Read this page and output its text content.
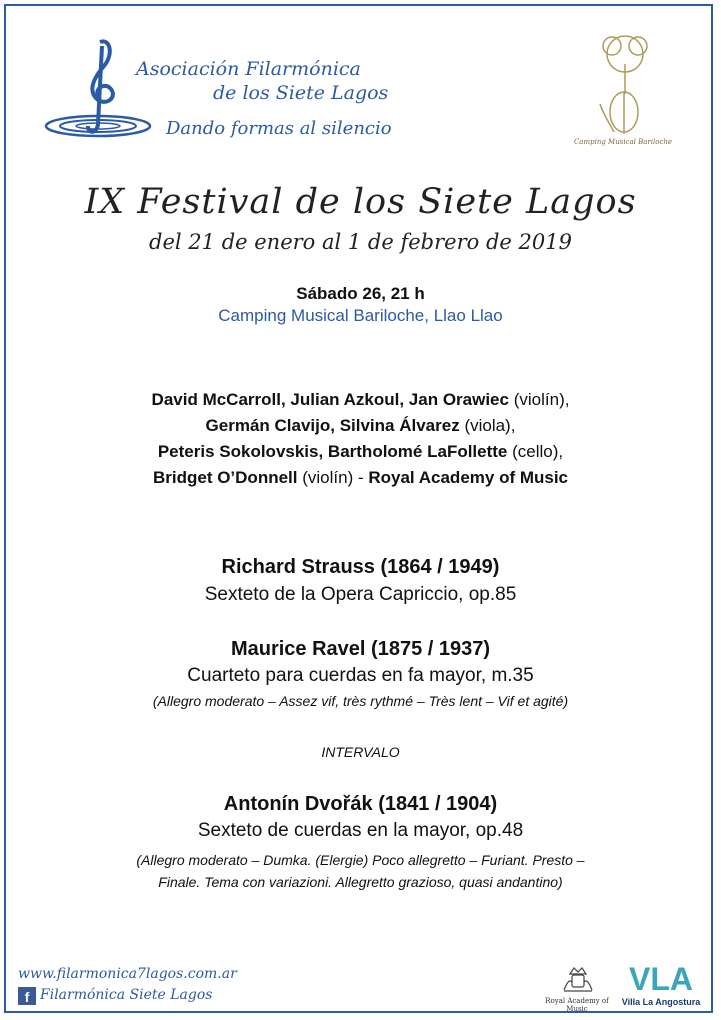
Asociación Filarmónica
de los Siete Lagos
Dando formas al silencio
Camping Musical Bariloche
IX Festival de los Siete Lagos
del 21 de enero al 1 de febrero de 2019
Sábado 26, 21 h
Camping Musical Bariloche, Llao Llao
David McCarroll, Julian Azkoul, Jan Orawiec (violín),
Germán Clavijo, Silvina Álvarez (viola),
Peteris Sokolovskis, Bartholomé LaFollette (cello),
Bridget O’Donnell (violín) - Royal Academy of Music
Richard Strauss (1864 / 1949)
Sexteto de la Opera Capriccio, op.85
Maurice Ravel (1875 / 1937)
Cuarteto para cuerdas en fa mayor, m.35
(Allegro moderato – Assez vif, très rythmé – Très lent – Vif et agité)
INTERVALO
Antonín Dvořák (1841 / 1904)
Sexteto de cuerdas en la mayor, op.48
(Allegro moderato – Dumka. (Elergie) Poco allegretto – Furiant. Presto –
Finale. Tema con variazioni. Allegretto grazioso, quasi andantino)
www.filarmonica7lagos.com.ar
f Filarmónica Siete Lagos	Royal Academy of Music
VLA
Villa La Angostura
